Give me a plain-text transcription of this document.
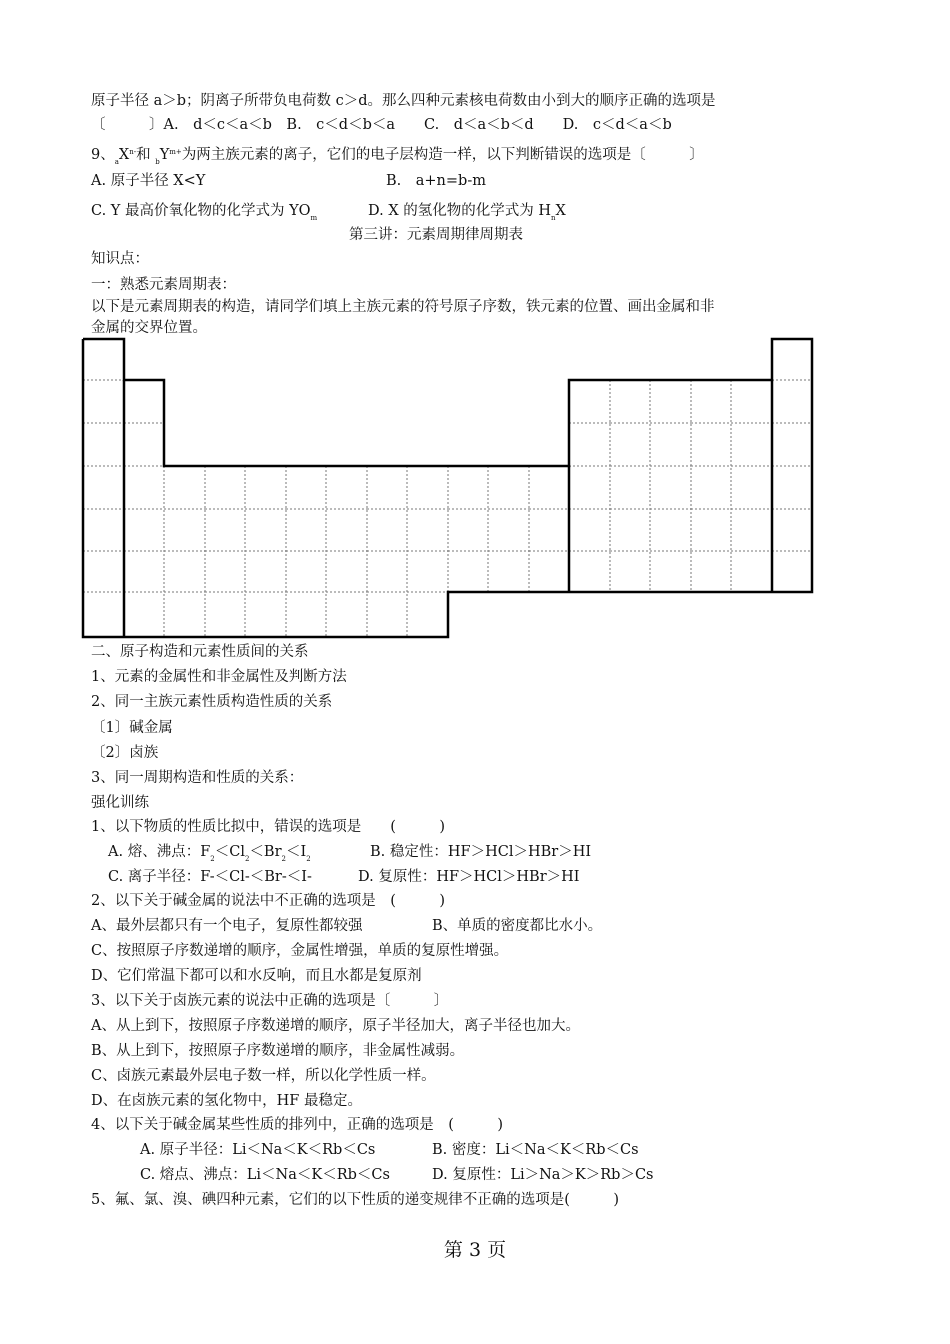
原子半径 a＞b；阴离子所带负电荷数 c＞d。那么四种元素核电荷数由小到大的顺序正确的选项是
〔　　　〕A.　d＜c＜a＜b　B.　c＜d＜b＜a　　C.　d＜a＜b＜d　　D.　c＜d＜a＜b
9、$_aX^{n-}$和 $_bY^{m+}$为两主族元素的离子，它们的电子层构造一样，以下判断错误的选项是〔　　　〕
A. 原子半径 X<Y	B.　a+n=b-m
C. Y 最高价氧化物的化学式为 $YO_m$	D. X 的氢化物的化学式为 $H_nX$
第三讲：元素周期律周期表
知识点：
一：熟悉元素周期表：
以下是元素周期表的构造，请同学们填上主族元素的符号原子序数，铁元素的位置、画出金属和非
金属的交界位置。
二、原子构造和元素性质间的关系
1、元素的金属性和非金属性及判断方法
2、同一主族元素性质构造性质的关系
〔1〕碱金属
〔2〕卤族
3、同一周期构造和性质的关系：
强化训练
1、以下物质的性质比拟中，错误的选项是　　(　　　)
A. 熔、沸点：$F_2<Cl_2<Br_2<I_2$	B. 稳定性：HF＞HCl＞HBr＞HI
C. 离子半径：F-＜Cl-＜Br-＜I-	D. 复原性：HF＞HCl＞HBr＞HI
2、以下关于碱金属的说法中不正确的选项是　(　　　)
A、最外层都只有一个电子，复原性都较强	B、单质的密度都比水小。
C、按照原子序数递增的顺序，金属性增强，单质的复原性增强。
D、它们常温下都可以和水反响，而且水都是复原剂
3、以下关于卤族元素的说法中正确的选项是〔　　　〕
A、从上到下，按照原子序数递增的顺序，原子半径加大，离子半径也加大。
B、从上到下，按照原子序数递增的顺序，非金属性减弱。
C、卤族元素最外层电子数一样，所以化学性质一样。
D、在卤族元素的氢化物中，HF 最稳定。
4、以下关于碱金属某些性质的排列中，正确的选项是　(　　　)
A. 原子半径：Li＜Na＜K＜Rb＜Cs	B. 密度：Li＜Na＜K＜Rb＜Cs
C. 熔点、沸点：Li＜Na＜K＜Rb＜Cs	D. 复原性：Li＞Na＞K＞Rb＞Cs
5、氟、氯、溴、碘四种元素，它们的以下性质的递变规律不正确的选项是(　　　)
第 3 页
